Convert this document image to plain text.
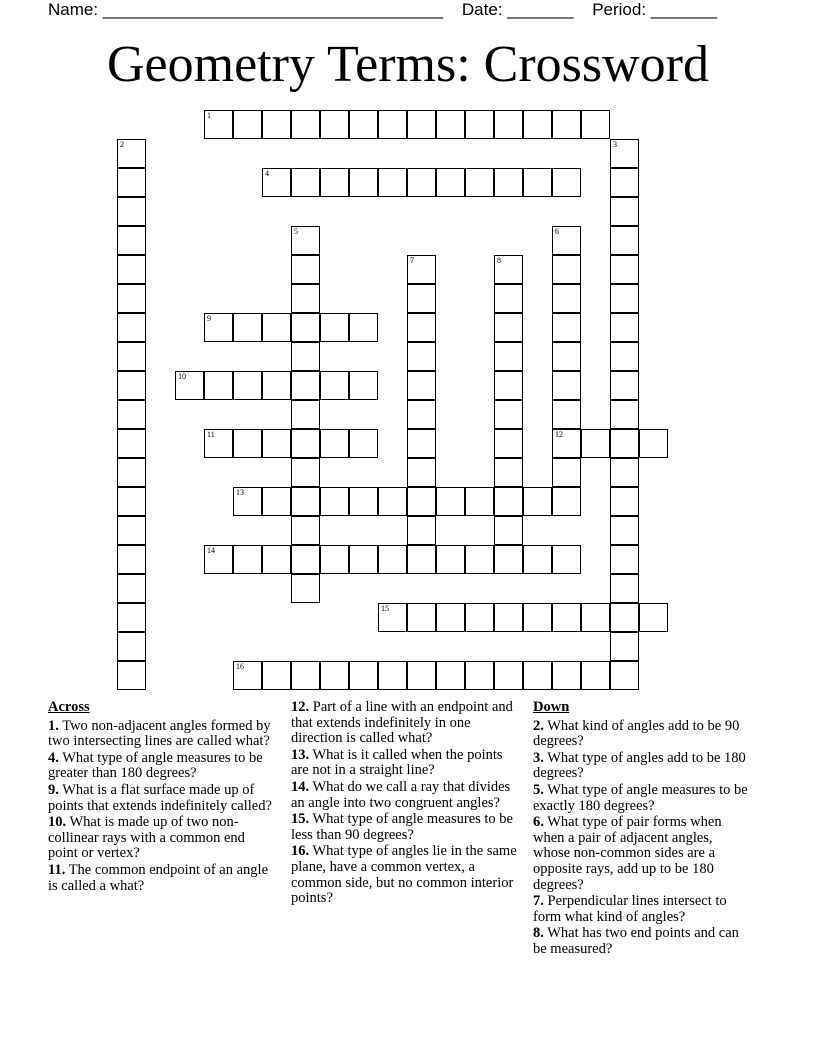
Name: ____________________________________ Date: _______ Period: _______
Geometry Terms: Crossword
1
2	3
4
5	6
12
7	8
9
10
11
13
14
15
16
Across
1. Two non-adjacent angles formed by two intersecting lines are called what?
4. What type of angle measures to be greater than 180 degrees?
9. What is a flat surface made up of points that extends indefinitely called?
10. What is made up of two non-collinear rays with a common end point or vertex?
11. The common endpoint of an angle is called a what?
12. Part of a line with an endpoint and that extends indefinitely in one direction is called what?
13. What is it called when the points are not in a straight line?
14. What do we call a ray that divides an angle into two congruent angles?
15. What type of angle measures to be less than 90 degrees?
16. What type of angles lie in the same plane, have a common vertex, a common side, but no common interior points?
Down
2. What kind of angles add to be 90 degrees?
3. What type of angles add to be 180 degrees?
5. What type of angle measures to be exactly 180 degrees?
6. What type of pair forms when when a pair of adjacent angles, whose non-common sides are a opposite rays, add up to be 180 degrees?
7. Perpendicular lines intersect to form what kind of angles?
8. What has two end points and can be measured?
